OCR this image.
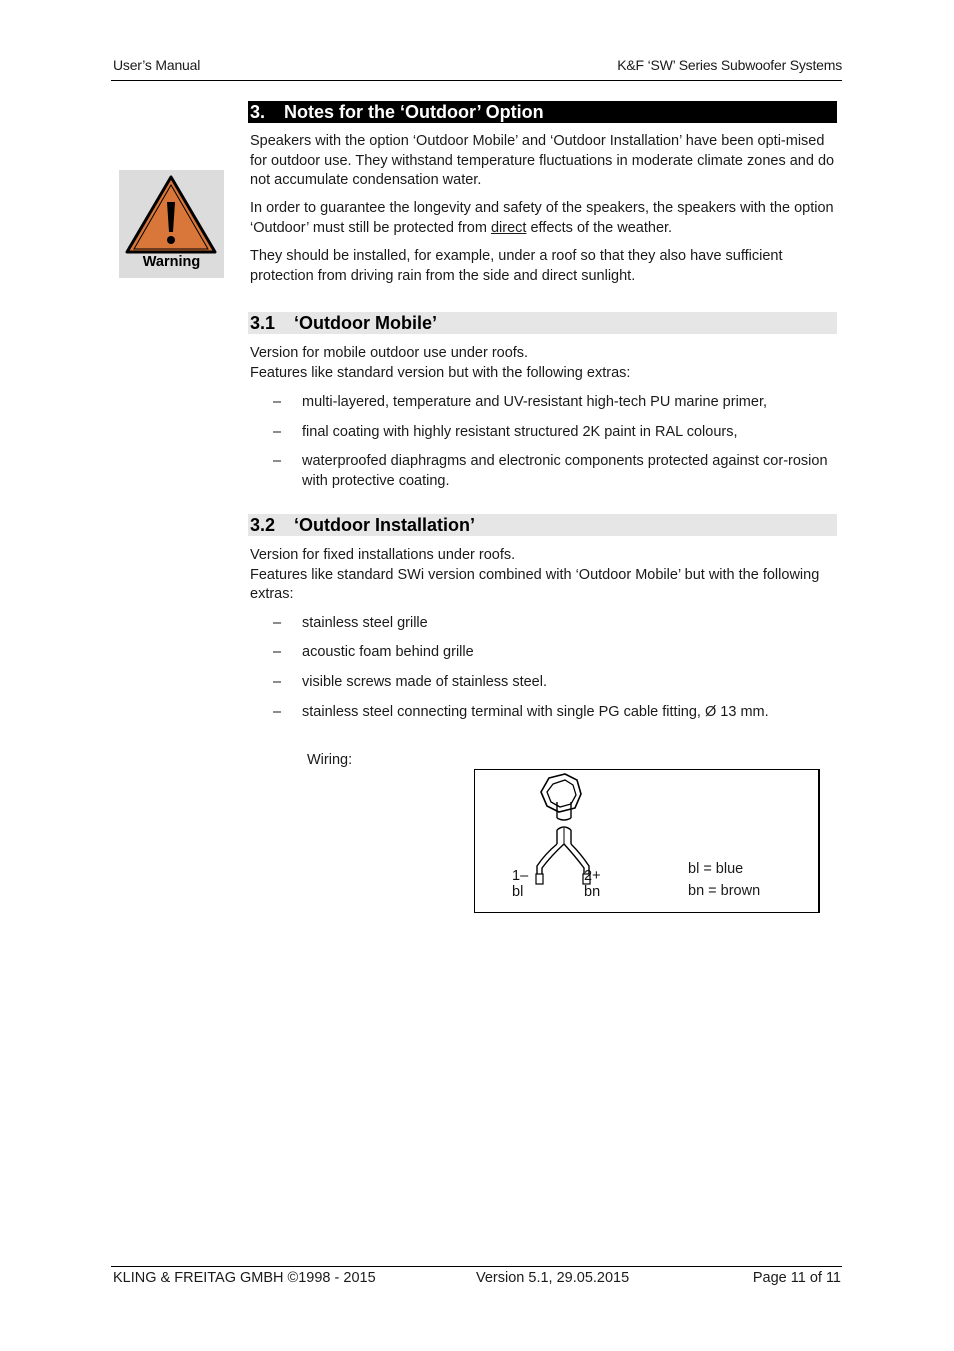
User’s Manual	K&F ‘SW’ Series Subwoofer Systems
3. Notes for the ‘Outdoor’ Option
Warning

Speakers with the option ‘Outdoor Mobile’ and ‘Outdoor Installation’ have been opti-mised for outdoor use. They withstand temperature fluctuations in moderate climate zones and do not accumulate condensation water.

In order to guarantee the longevity and safety of the speakers, the speakers with the option ‘Outdoor’ must still be protected from direct effects of the weather.

They should be installed, for example, under a roof so that they also have sufficient protection from driving rain from the side and direct sunlight.

3.1 ‘Outdoor Mobile’

Version for mobile outdoor use under roofs.

Features like standard version but with the following extras:

– multi-layered, temperature and UV-resistant high-tech PU marine primer,
– final coating with highly resistant structured 2K paint in RAL colours,
– waterproofed diaphragms and electronic components protected against cor-rosion with protective coating.
3.2 ‘Outdoor Installation’

Version for fixed installations under roofs.

Features like standard SWi version combined with ‘Outdoor Mobile’ but with the following extras:

– stainless steel grille
– acoustic foam behind grille
– visible screws made of stainless steel.
– stainless steel connecting terminal with single PG cable fitting, Ø 13 mm.
Wiring:
1–
bl
2+
bn
bl = blue
bn = brown
KLING & FREITAG GMBH ©1998 - 2015	Version 5.1, 29.05.2015	Page 11 of 11
